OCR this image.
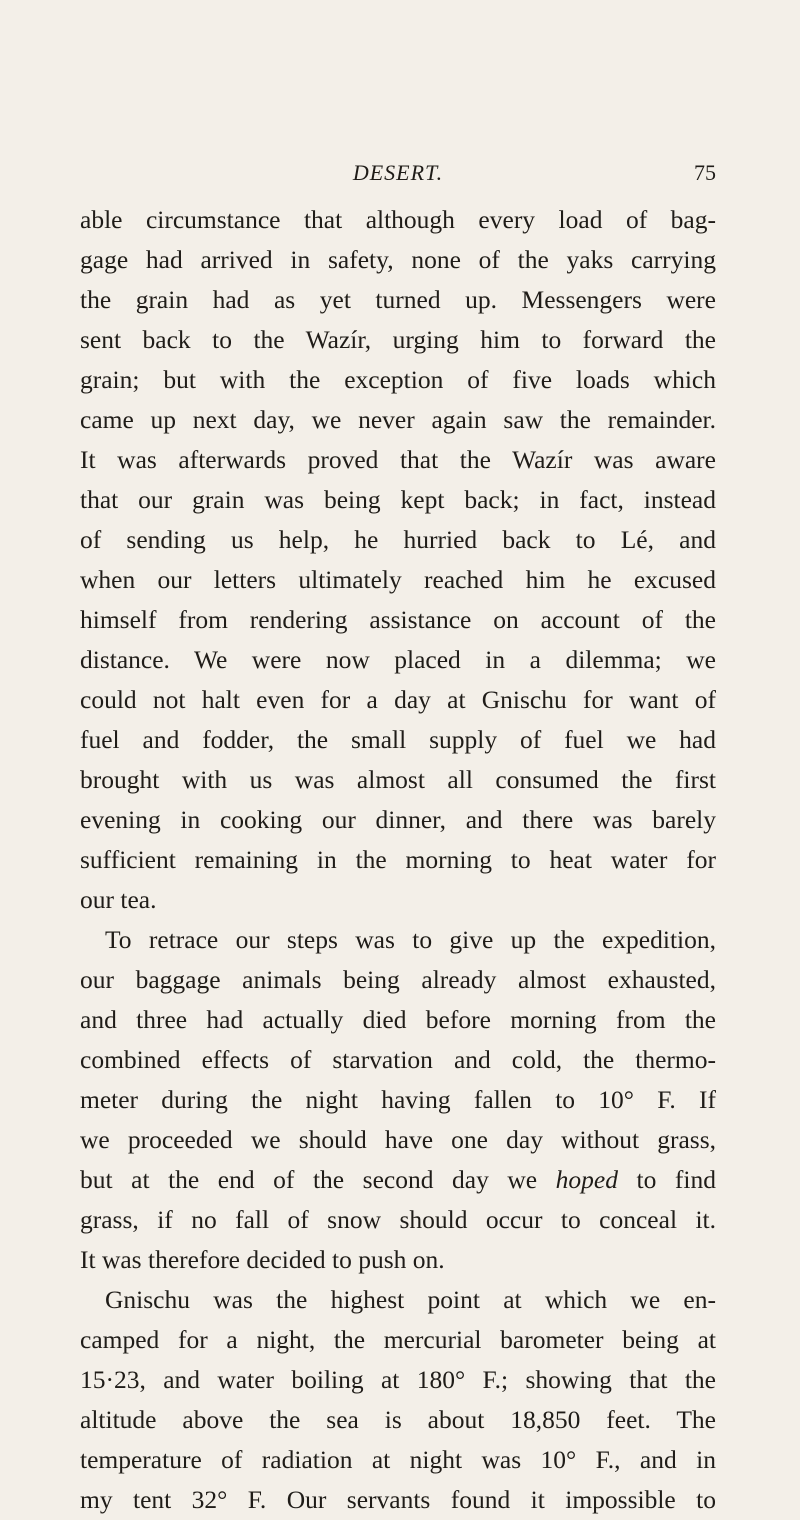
DESERT.	75
able circumstance that although every load of bag-
gage had arrived in safety, none of the yaks carrying
the grain had as yet turned up. Messengers were
sent back to the Wazír, urging him to forward the
grain; but with the exception of five loads which
came up next day, we never again saw the remainder.
It was afterwards proved that the Wazír was aware
that our grain was being kept back; in fact, instead
of sending us help, he hurried back to Lé, and
when our letters ultimately reached him he excused
himself from rendering assistance on account of the
distance. We were now placed in a dilemma; we
could not halt even for a day at Gnischu for want of
fuel and fodder, the small supply of fuel we had
brought with us was almost all consumed the first
evening in cooking our dinner, and there was barely
sufficient remaining in the morning to heat water for
our tea.
To retrace our steps was to give up the expedition,
our baggage animals being already almost exhausted,
and three had actually died before morning from the
combined effects of starvation and cold, the thermo-
meter during the night having fallen to 10° F. If
we proceeded we should have one day without grass,
but at the end of the second day we hoped to find
grass, if no fall of snow should occur to conceal it.
It was therefore decided to push on.
Gnischu was the highest point at which we en-
camped for a night, the mercurial barometer being at
15·23, and water boiling at 180° F.; showing that the
altitude above the sea is about 18,850 feet. The
temperature of radiation at night was 10° F., and in
my tent 32° F. Our servants found it impossible to
